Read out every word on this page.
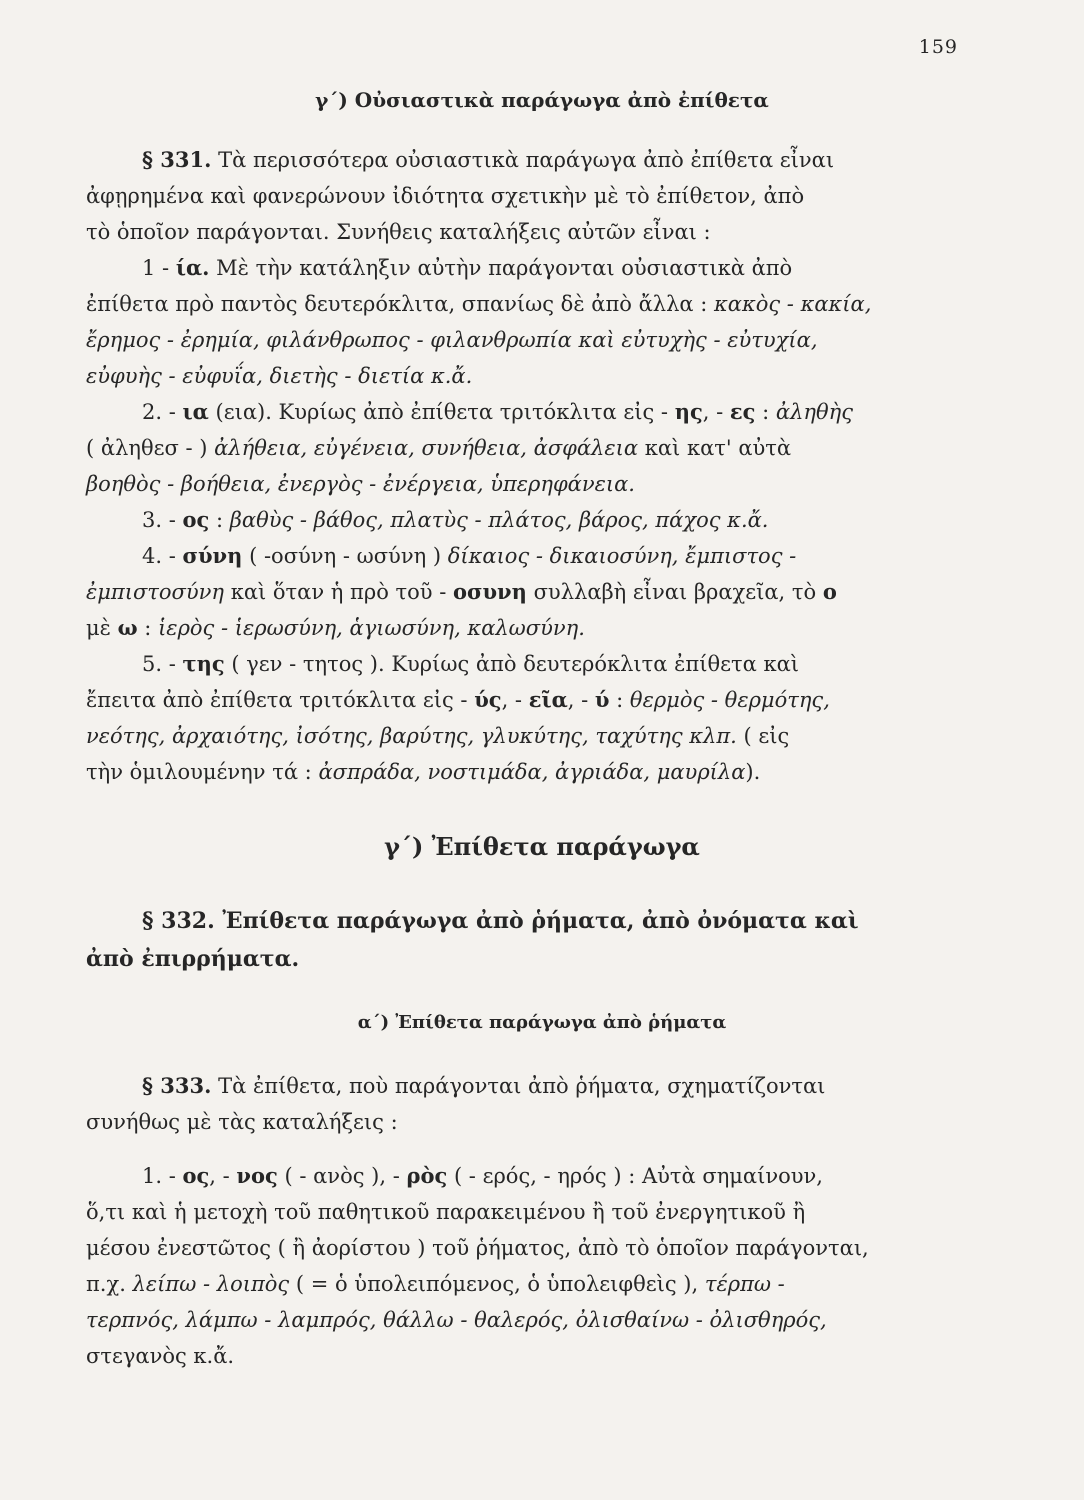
159
γ΄) Οὐσιαστικὰ παράγωγα ἀπὸ ἐπίθετα
§ 331. Τὰ περισσότερα οὐσιαστικὰ παράγωγα ἀπὸ ἐπίθετα εἶναι
ἀφῃρημένα καὶ φανερώνουν ἰδιότητα σχετικὴν μὲ τὸ ἐπίθετον, ἀπὸ
τὸ ὁποῖον παράγονται. Συνήθεις καταλήξεις αὐτῶν εἶναι :
1 - ία. Μὲ τὴν κατάληξιν αὐτὴν παράγονται οὐσιαστικὰ ἀπὸ
ἐπίθετα πρὸ παντὸς δευτερόκλιτα, σπανίως δὲ ἀπὸ ἄλλα : κακὸς - κακία,
ἔρημος - ἐρημία, φιλάνθρωπος - φιλανθρωπία καὶ εὐτυχὴς - εὐτυχία,
εὐφυὴς - εὐφυΐα, διετὴς - διετία κ.ἄ.
2. - ια (εια). Κυρίως ἀπὸ ἐπίθετα τριτόκλιτα εἰς - ης, - ες : ἀληθὴς
( ἀληθεσ - ) ἀλήθεια, εὐγένεια, συνήθεια, ἀσφάλεια καὶ κατ' αὐτὰ
βοηθὸς - βοήθεια, ἐνεργὸς - ἐνέργεια, ὑπερηφάνεια.
3. - ος : βαθὺς - βάθος, πλατὺς - πλάτος, βάρος, πάχος κ.ἄ.
4. - σύνη ( -οσύνη - ωσύνη ) δίκαιος - δικαιοσύνη, ἔμπιστος -
ἐμπιστοσύνη καὶ ὅταν ἡ πρὸ τοῦ - οσυνη συλλαβὴ εἶναι βραχεῖα, τὸ ο
μὲ ω : ἱερὸς - ἱερωσύνη, ἁγιωσύνη, καλωσύνη.
5. - της ( γεν - τητος ). Κυρίως ἀπὸ δευτερόκλιτα ἐπίθετα καὶ
ἔπειτα ἀπὸ ἐπίθετα τριτόκλιτα εἰς - ύς, - εῖα, - ύ : θερμὸς - θερμότης,
νεότης, ἀρχαιότης, ἰσότης, βαρύτης, γλυκύτης, ταχύτης κλπ. ( εἰς
τὴν ὁμιλουμένην τά : ἀσπράδα, νοστιμάδα, ἀγριάδα, μαυρίλα).
γ΄) Ἐπίθετα παράγωγα
§ 332. Ἐπίθετα παράγωγα ἀπὸ ῥήματα, ἀπὸ ὀνόματα καὶ
ἀπὸ ἐπιρρήματα.
α΄) Ἐπίθετα παράγωγα ἀπὸ ῥήματα
§ 333. Τὰ ἐπίθετα, ποὺ παράγονται ἀπὸ ῥήματα, σχηματίζονται
συνήθως μὲ τὰς καταλήξεις :
1. - ος, - νος ( - ανὸς ), - ρὸς ( - ερός, - ηρός ) : Αὐτὰ σημαίνουν,
ὅ,τι καὶ ἡ μετοχὴ τοῦ παθητικοῦ παρακειμένου ἢ τοῦ ἐνεργητικοῦ ἢ
μέσου ἐνεστῶτος ( ἢ ἀορίστου ) τοῦ ῥήματος, ἀπὸ τὸ ὁποῖον παράγονται,
π.χ. λείπω - λοιπὸς ( = ὁ ὑπολειπόμενος, ὁ ὑπολειφθεὶς ), τέρπω -
τερπνός, λάμπω - λαμπρός, θάλλω - θαλερός, ὀλισθαίνω - ὀλισθηρός,
στεγανὸς κ.ἄ.
